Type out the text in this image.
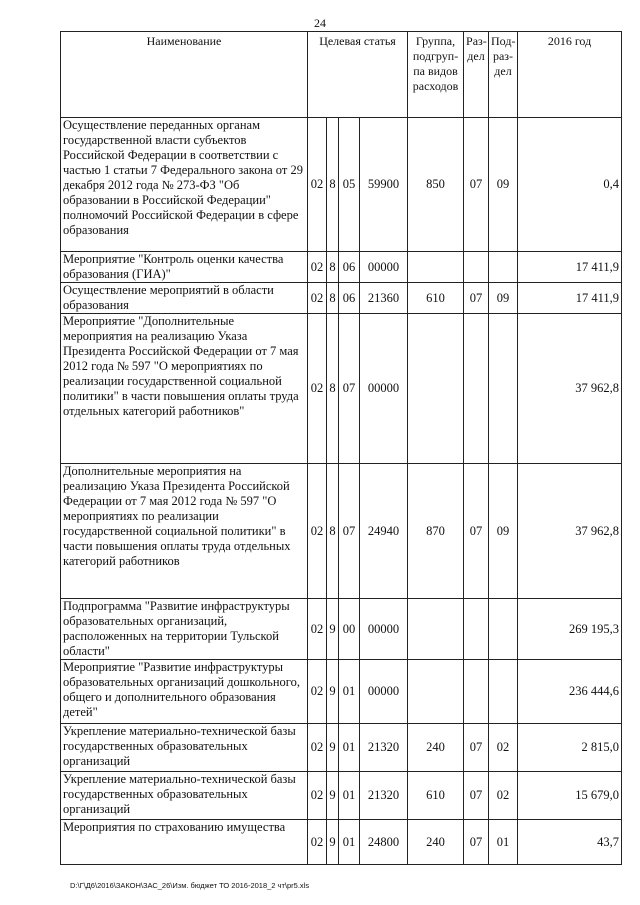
24
Наименование	Целевая статья				Группа, подгруп-па видов расходов	Раз-дел	Под-раз-дел	2016 год
Осуществление переданных органам государственной власти субъектов Российской Федерации в соответствии с частью 1 статьи 7 Федерального закона от 29 декабря 2012 года № 273-ФЗ "Об образовании в Российской Федерации" полномочий Российской Федерации в сфере образования	02	8	05	59900	850	07	09	0,4
Мероприятие "Контроль оценки качества образования (ГИА)"	02	8	06	00000				17 411,9
Осуществление мероприятий в области образования	02	8	06	21360	610	07	09	17 411,9
Мероприятие "Дополнительные мероприятия на реализацию Указа Президента Российской Федерации от 7 мая 2012 года № 597 "О мероприятиях по реализации государственной социальной политики" в части повышения оплаты труда отдельных категорий работников"	02	8	07	00000				37 962,8
Дополнительные мероприятия на реализацию Указа Президента Российской Федерации от 7 мая 2012 года № 597 "О мероприятиях по реализации государственной социальной политики" в части повышения оплаты труда отдельных категорий работников	02	8	07	24940	870	07	09	37 962,8
Подпрограмма "Развитие инфраструктуры образовательных организаций, расположенных на территории Тульской области"	02	9	00	00000				269 195,3
Мероприятие "Развитие инфраструктуры образовательных организаций дошкольного, общего и дополнительного образования детей"	02	9	01	00000				236 444,6
Укрепление материально-технической базы государственных образовательных организаций	02	9	01	21320	240	07	02	2 815,0
Укрепление материально-технической базы государственных образовательных организаций	02	9	01	21320	610	07	02	15 679,0
Мероприятия по страхованию имущества	02	9	01	24800	240	07	01	43,7
D:\Г\Д6\2016\ЗАКОН\ЗАС_26\Изм. бюджет ТО 2016-2018_2 чт\pr5.xls
